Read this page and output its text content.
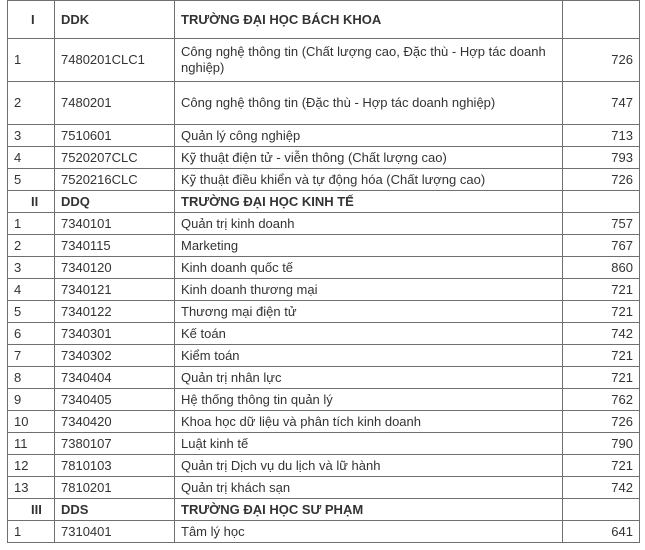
I	DDK	TRƯỜNG ĐẠI HỌC BÁCH KHOA	
1	7480201CLC1	Công nghệ thông tin (Chất lượng cao, Đặc thù - Hợp tác doanh nghiệp)	726
2	7480201	Công nghệ thông tin (Đặc thù - Hợp tác doanh nghiệp)	747
3	7510601	Quản lý công nghiệp	713
4	7520207CLC	Kỹ thuật điện tử - viễn thông (Chất lượng cao)	793
5	7520216CLC	Kỹ thuật điều khiển và tự động hóa (Chất lượng cao)	726
II	DDQ	TRƯỜNG ĐẠI HỌC KINH TẾ	
1	7340101	Quản trị kinh doanh	757
2	7340115	Marketing	767
3	7340120	Kinh doanh quốc tế	860
4	7340121	Kinh doanh thương mại	721
5	7340122	Thương mại điện tử	721
6	7340301	Kế toán	742
7	7340302	Kiểm toán	721
8	7340404	Quản trị nhân lực	721
9	7340405	Hệ thống thông tin quản lý	762
10	7340420	Khoa học dữ liệu và phân tích kinh doanh	726
11	7380107	Luật kinh tế	790
12	7810103	Quản trị Dịch vụ du lịch và lữ hành	721
13	7810201	Quản trị khách sạn	742
III	DDS	TRƯỜNG ĐẠI HỌC SƯ PHẠM	
1	7310401	Tâm lý học	641
